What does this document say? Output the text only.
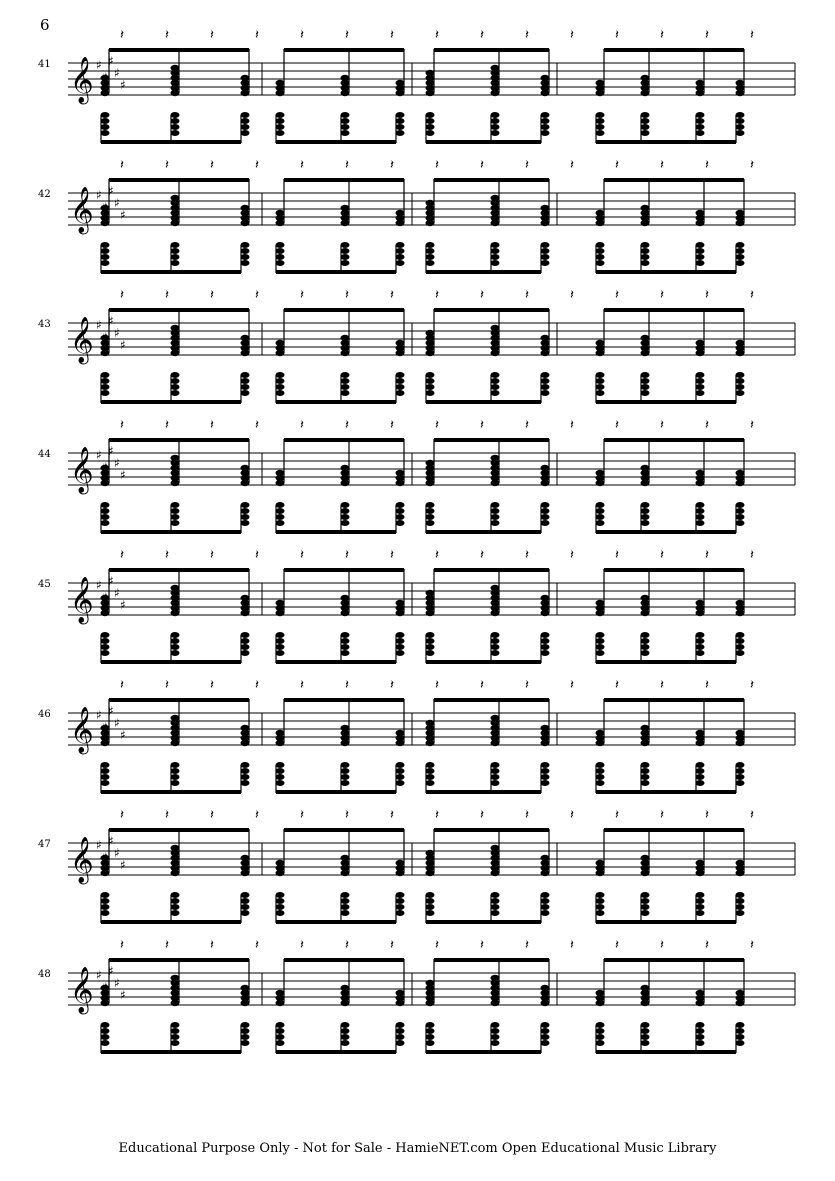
6
41 𝄞 ♯ ♯
♯
♯
𝄽	𝄽	𝄽	𝄽	𝄽	𝄽	𝄽	𝄽	𝄽	𝄽	𝄽	𝄽	𝄽	𝄽	𝄽
42 𝄞 ♯ ♯
♯
♯
𝄽	𝄽	𝄽	𝄽	𝄽	𝄽	𝄽	𝄽	𝄽	𝄽	𝄽	𝄽	𝄽	𝄽	𝄽
43 𝄞 ♯ ♯
♯
♯
𝄽	𝄽	𝄽	𝄽	𝄽	𝄽	𝄽	𝄽	𝄽	𝄽	𝄽	𝄽	𝄽	𝄽	𝄽
44 𝄞 ♯ ♯
♯
♯
𝄽	𝄽	𝄽	𝄽	𝄽	𝄽	𝄽	𝄽	𝄽	𝄽	𝄽	𝄽	𝄽	𝄽	𝄽
45 𝄞 ♯ ♯
♯
♯
𝄽	𝄽	𝄽	𝄽	𝄽	𝄽	𝄽	𝄽	𝄽	𝄽	𝄽	𝄽	𝄽	𝄽	𝄽
46 𝄞 ♯ ♯
♯
♯
𝄽	𝄽	𝄽	𝄽	𝄽	𝄽	𝄽	𝄽	𝄽	𝄽	𝄽	𝄽	𝄽	𝄽	𝄽
47 𝄞 ♯ ♯
♯
♯
𝄽	𝄽	𝄽	𝄽	𝄽	𝄽	𝄽	𝄽	𝄽	𝄽	𝄽	𝄽	𝄽	𝄽	𝄽
48 𝄞 ♯ ♯
♯
♯
𝄽	𝄽	𝄽	𝄽	𝄽	𝄽	𝄽	𝄽	𝄽	𝄽	𝄽	𝄽	𝄽	𝄽	𝄽
Educational Purpose Only - Not for Sale - HamieNET.com Open Educational Music Library
